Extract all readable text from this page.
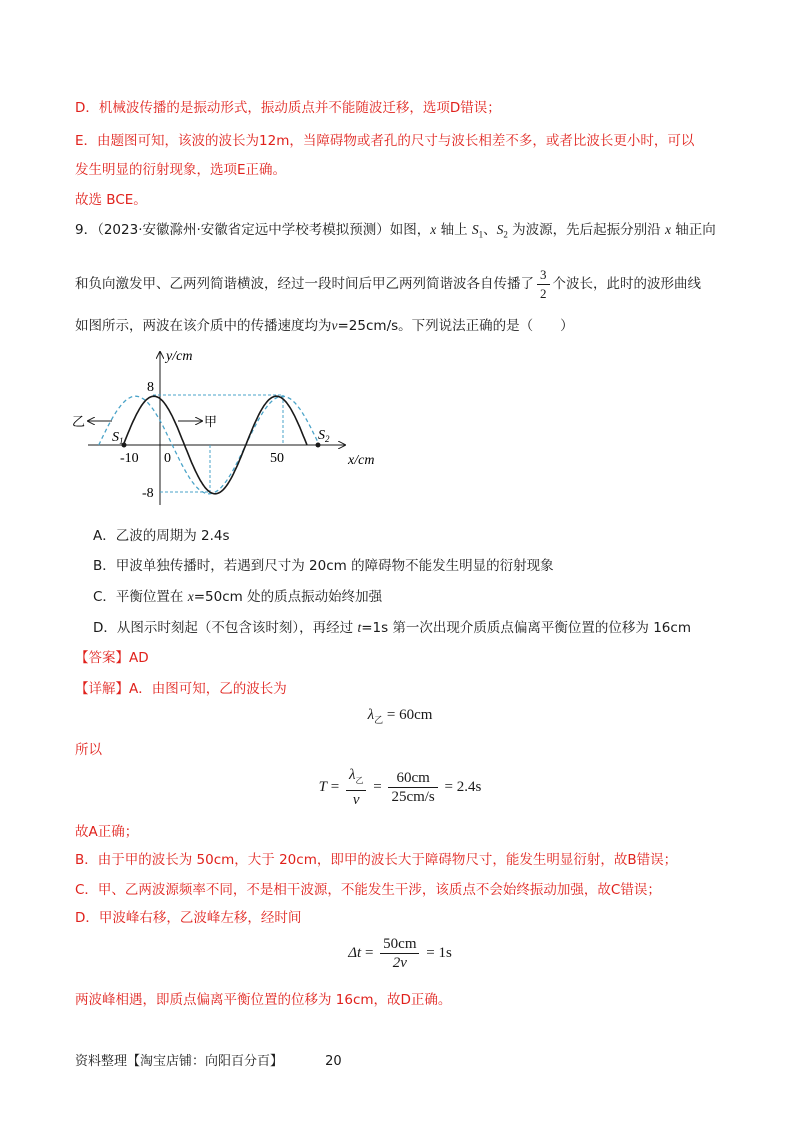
D．机械波传播的是振动形式，振动质点并不能随波迁移，选项D错误；
E．由题图可知，该波的波长为12m，当障碍物或者孔的尺寸与波长相差不多，或者比波长更小时，可以
发生明显的衍射现象，选项E正确。
故选 BCE。
9．（2023·安徽滁州·安徽省定远中学校考模拟预测）如图，x 轴上 $S_1$、$S_2$ 为波源，先后起振分别沿 x 轴正向
和负向激发甲、乙两列简谐横波，经过一段时间后甲乙两列简谐波各自传播了 $\frac{3}{2}$ 个波长，此时的波形曲线
如图所示，两波在该介质中的传播速度均为v=25cm/s。下列说法正确的是（　　）
y/cm
x/cm
8
-8
0
-10	50
$S_1$	$S_2$
乙	甲
A．乙波的周期为 2.4s
B．甲波单独传播时，若遇到尺寸为 20cm 的障碍物不能发生明显的衍射现象
C．平衡位置在 x=50cm 处的质点振动始终加强
D．从图示时刻起（不包含该时刻），再经过 t=1s 第一次出现介质质点偏离平衡位置的位移为 16cm
【答案】AD
【详解】A．由图可知，乙的波长为
$\lambda_乙 = 60cm$
所以
$T = \frac{\lambda_乙}{v} = \frac{60cm}{25cm/s} = 2.4s$
故A正确；
B．由于甲的波长为 50cm，大于 20cm，即甲的波长大于障碍物尺寸，能发生明显衍射，故B错误；
C．甲、乙两波源频率不同，不是相干波源，不能发生干涉，该质点不会始终振动加强，故C错误；
D．甲波峰右移，乙波峰左移，经时间
$\Delta t = \frac{50cm}{2v} = 1s$
两波峰相遇，即质点偏离平衡位置的位移为 16cm，故D正确。
资料整理【淘宝店铺：向阳百分百】	20
